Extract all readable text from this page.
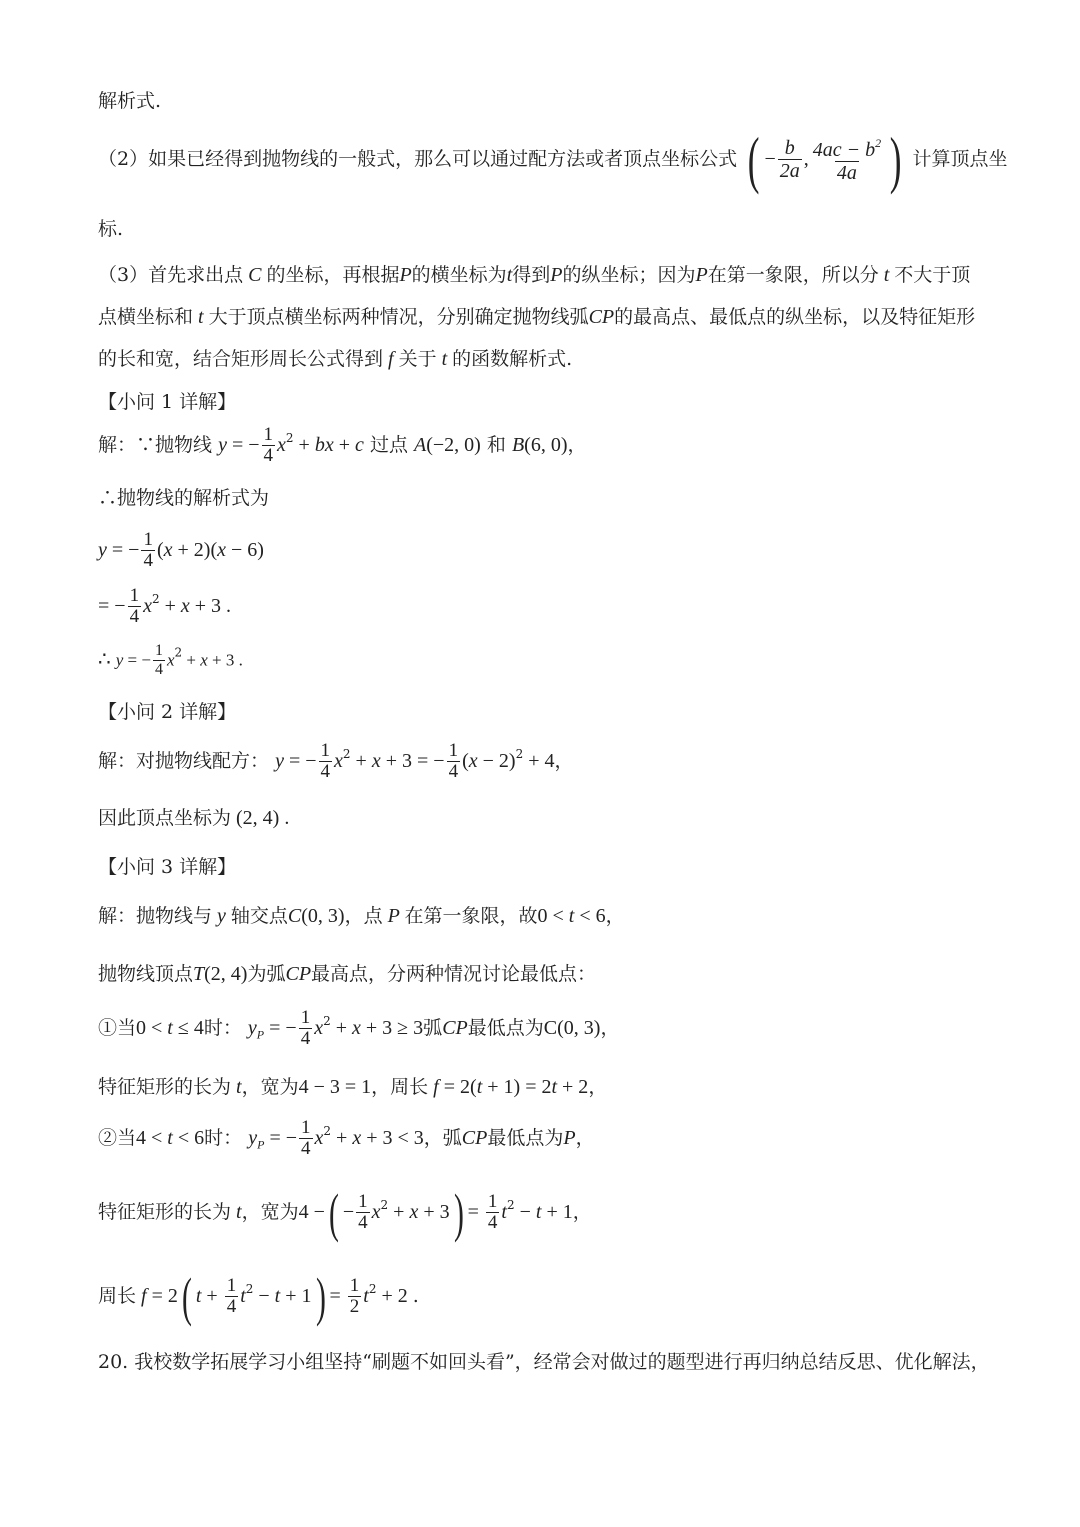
解析式.
（2）如果已经得到抛物线的一般式，那么可以通过配方法或者顶点坐标公式 ( − $\frac{b}{2a}$ , $\frac{4ac - b^2}{4a}$ ) 计算顶点坐
标.
（3）首先求出点 C 的坐标，再根据P的横坐标为t得到P的纵坐标；因为P在第一象限，所以分 t 不大于顶
点横坐标和 t 大于顶点横坐标两种情况，分别确定抛物线弧CP的最高点、最低点的纵坐标，以及特征矩形
的长和宽，结合矩形周长公式得到 f 关于 t 的函数解析式.
【小问 1 详解】
解：∵抛物线 y = − $\frac{1}{4} x^2$ + bx + c 过点 A(−2, 0) 和 B(6, 0)，
∴抛物线的解析式为
y = − $\frac{1}{4} (x + 2)(x - 6)$
= − $\frac{1}{4} x^2 + x + 3$ .
∴ y = − $\frac{1}{4} x^2 + x + 3$ .
【小问 2 详解】
解：对抛物线配方： y = − $\frac{1}{4} x^2 + x + 3$ = − $\frac{1}{4} (x - 2)^2 + 4$，
因此顶点坐标为 (2, 4) .
【小问 3 详解】
解：抛物线与 y 轴交点C(0, 3)，点 P 在第一象限，故0 < t < 6，
抛物线顶点T(2, 4)为弧CP最高点，分两种情况讨论最低点：
①当0 < t ≤ 4时： $y_P$ = − $\frac{1}{4} x^2 + x + 3 \ge 3$弧CP最低点为C(0, 3)，
特征矩形的长为 t，宽为4 − 3 = 1，周长 f = 2(t + 1) = 2t + 2，
②当4 < t < 6时： $y_P$ = − $\frac{1}{4} x^2 + x + 3 < 3$，弧CP最低点为P，
特征矩形的长为 t，宽为4 −( − $\frac{1}{4} x^2 + x + 3) = \frac{1}{4} t^2 - t + 1$，
周长 f = 2( $t + \frac{1}{4} t^2 - t + 1) = \frac{1}{2} t^2 + 2$ .
20. 我校数学拓展学习小组坚持“刷题不如回头看”，经常会对做过的题型进行再归纳总结反思、优化解法，
